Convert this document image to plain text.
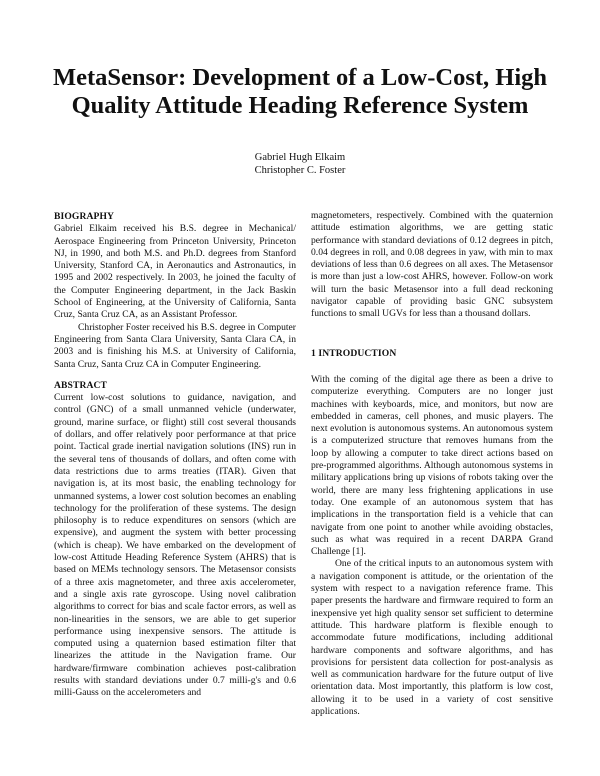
MetaSensor: Development of a Low-Cost, High Quality Attitude Heading Reference System
Gabriel Hugh Elkaim
Christopher C. Foster
BIOGRAPHY

Gabriel Elkaim received his B.S. degree in Mechanical/ Aerospace Engineering from Princeton University, Princeton NJ, in 1990, and both M.S. and Ph.D. degrees from Stanford University, Stanford CA, in Aeronautics and Astronautics, in 1995 and 2002 respectively. In 2003, he joined the faculty of the Computer Engineering department, in the Jack Baskin School of Engineering, at the University of California, Santa Cruz, Santa Cruz CA, as an Assistant Professor.

Christopher Foster received his B.S. degree in Computer Engineering from Santa Clara University, Santa Clara CA, in 2003 and is finishing his M.S. at University of California, Santa Cruz, Santa Cruz CA in Computer Engineering.

ABSTRACT

Current low-cost solutions to guidance, navigation, and control (GNC) of a small unmanned vehicle (underwater, ground, marine surface, or flight) still cost several thousands of dollars, and offer relatively poor performance at that price point. Tactical grade inertial navigation solutions (INS) run in the several tens of thousands of dollars, and often come with data restrictions due to arms treaties (ITAR). Given that navigation is, at its most basic, the enabling technology for unmanned systems, a lower cost solution becomes an enabling technology for the proliferation of these systems. The design philosophy is to reduce expenditures on sensors (which are expensive), and augment the system with better processing (which is cheap). We have embarked on the development of low-cost Attitude Heading Reference System (AHRS) that is based on MEMs technology sensors. The Metasensor consists of a three axis magnetometer, and three axis accelerometer, and a single axis rate gyroscope. Using novel calibration algorithms to correct for bias and scale factor errors, as well as non-linearities in the sensors, we are able to get superior performance using inexpensive sensors. The attitude is computed using a quaternion based estimation filter that linearizes the attitude in the Navigation frame. Our hardware/firmware combination achieves post-calibration results with standard deviations under 0.7 milli-g's and 0.6 milli-Gauss on the accelerometers and

magnetometers, respectively. Combined with the quaternion attitude estimation algorithms, we are getting static performance with standard deviations of 0.12 degrees in pitch, 0.04 degrees in roll, and 0.08 degrees in yaw, with min to max deviations of less than 0.6 degrees on all axes. The Metasensor is more than just a low-cost AHRS, however. Follow-on work will turn the basic Metasensor into a full dead reckoning navigator capable of providing basic GNC subsystem functions to small UGVs for less than a thousand dollars.

1 INTRODUCTION

With the coming of the digital age there as been a drive to computerize everything. Computers are no longer just machines with keyboards, mice, and monitors, but now are embedded in cameras, cell phones, and music players. The next evolution is autonomous systems. An autonomous system is a computerized structure that removes humans from the loop by allowing a computer to take direct actions based on pre-programmed algorithms. Although autonomous systems in military applications bring up visions of robots taking over the world, there are many less frightening applications in use today. One example of an autonomous system that has implications in the transportation field is a vehicle that can navigate from one point to another while avoiding obstacles, such as what was required in a recent DARPA Grand Challenge [1].

One of the critical inputs to an autonomous system with a navigation component is attitude, or the orientation of the system with respect to a navigation reference frame. This paper presents the hardware and firmware required to form an inexpensive yet high quality sensor set sufficient to determine attitude. This hardware platform is flexible enough to accommodate future modifications, including additional hardware components and software algorithms, and has provisions for persistent data collection for post-analysis as well as communication hardware for the future output of live orientation data. Most importantly, this platform is low cost, allowing it to be used in a variety of cost sensitive applications.
